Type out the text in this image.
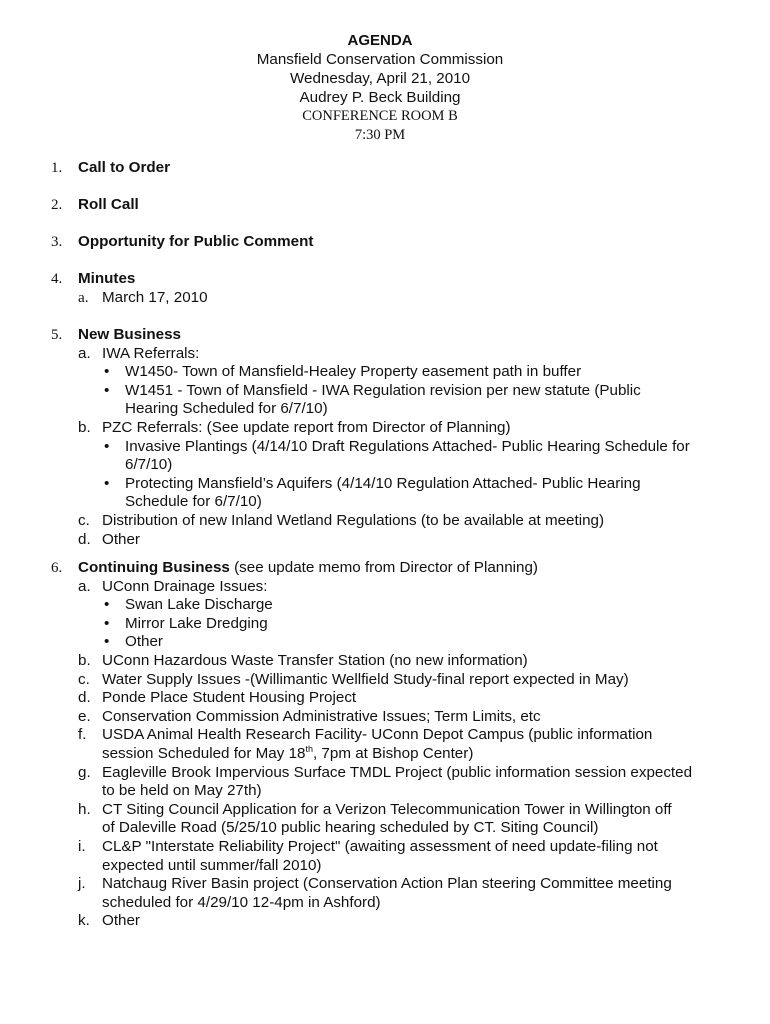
AGENDA
Mansfield Conservation Commission
Wednesday, April 21, 2010
Audrey P. Beck Building
CONFERENCE ROOM B
7:30 PM
1. Call to Order
2. Roll Call
3. Opportunity for Public Comment
4. Minutes
a. March 17, 2010
5. New Business
a. IWA Referrals:
• W1450- Town of Mansfield-Healey Property easement path in buffer
• W1451 - Town of Mansfield - IWA Regulation revision per new statute (Public
Hearing Scheduled for 6/7/10)
b. PZC Referrals: (See update report from Director of Planning)
• Invasive Plantings (4/14/10 Draft Regulations Attached- Public Hearing Schedule for
6/7/10)
• Protecting Mansfield’s Aquifers (4/14/10 Regulation Attached- Public Hearing
Schedule for 6/7/10)
c. Distribution of new Inland Wetland Regulations (to be available at meeting)
d. Other
6. Continuing Business (see update memo from Director of Planning)
a. UConn Drainage Issues:
• Swan Lake Discharge
• Mirror Lake Dredging
• Other
b. UConn Hazardous Waste Transfer Station (no new information)
c. Water Supply Issues -(Willimantic Wellfield Study-final report expected in May)
d. Ponde Place Student Housing Project
e. Conservation Commission Administrative Issues; Term Limits, etc
f. USDA Animal Health Research Facility- UConn Depot Campus (public information
session Scheduled for May 18th, 7pm at Bishop Center)
g. Eagleville Brook Impervious Surface TMDL Project (public information session expected
to be held on May 27th)
h. CT Siting Council Application for a Verizon Telecommunication Tower in Willington off
of Daleville Road (5/25/10 public hearing scheduled by CT. Siting Council)
i. CL&P "Interstate Reliability Project" (awaiting assessment of need update-filing not
expected until summer/fall 2010)
j. Natchaug River Basin project (Conservation Action Plan steering Committee meeting
scheduled for 4/29/10 12-4pm in Ashford)
k. Other
